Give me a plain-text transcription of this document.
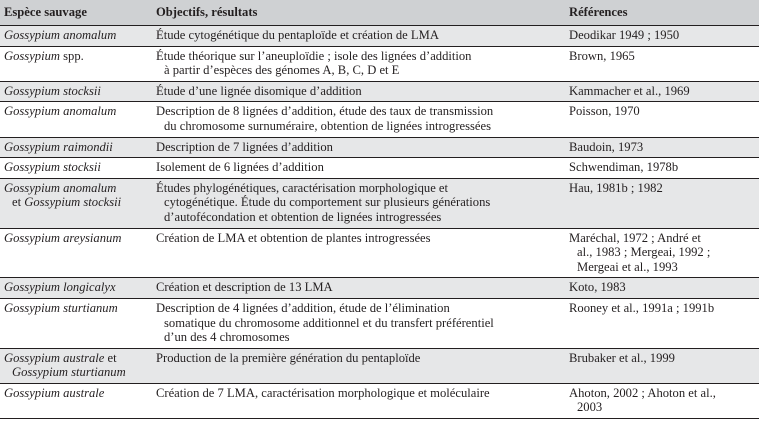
Espèce sauvage	Objectifs, résultats	Références

Gossypium anomalum	Étude cytogénétique du pentaploïde et création de LMA	Deodikar 1949 ; 1950

Gossypium spp.	Étude théorique sur l’aneuploïdie ; isole des lignées d’addition
à partir d’espèces des génomes A, B, C, D et E	Brown, 1965

Gossypium stocksii	Étude d’une lignée disomique d’addition	Kammacher et al., 1969

Gossypium anomalum	Description de 8 lignées d’addition, étude des taux de transmission
du chromosome surnuméraire, obtention de lignées introgressées	Poisson, 1970

Gossypium raimondii	Description de 7 lignées d’addition	Baudoin, 1973

Gossypium stocksii	Isolement de 6 lignées d’addition	Schwendiman, 1978b

Gossypium anomalum
et Gossypium stocksii	Études phylogénétiques, caractérisation morphologique et
cytogénétique. Étude du comportement sur plusieurs générations
d’autofécondation et obtention de lignées introgressées	Hau, 1981b ; 1982

Gossypium areysianum	Création de LMA et obtention de plantes introgressées	Maréchal, 1972 ; André et
al., 1983 ; Mergeai, 1992 ;
Mergeai et al., 1993

Gossypium longicalyx	Création et description de 13 LMA	Koto, 1983

Gossypium sturtianum	Description de 4 lignées d’addition, étude de l’élimination
somatique du chromosome additionnel et du transfert préférentiel
d’un des 4 chromosomes	Rooney et al., 1991a ; 1991b

Gossypium australe et
Gossypium sturtianum	Production de la première génération du pentaploïde	Brubaker et al., 1999

Gossypium australe	Création de 7 LMA, caractérisation morphologique et moléculaire	Ahoton, 2002 ; Ahoton et al.,
2003
